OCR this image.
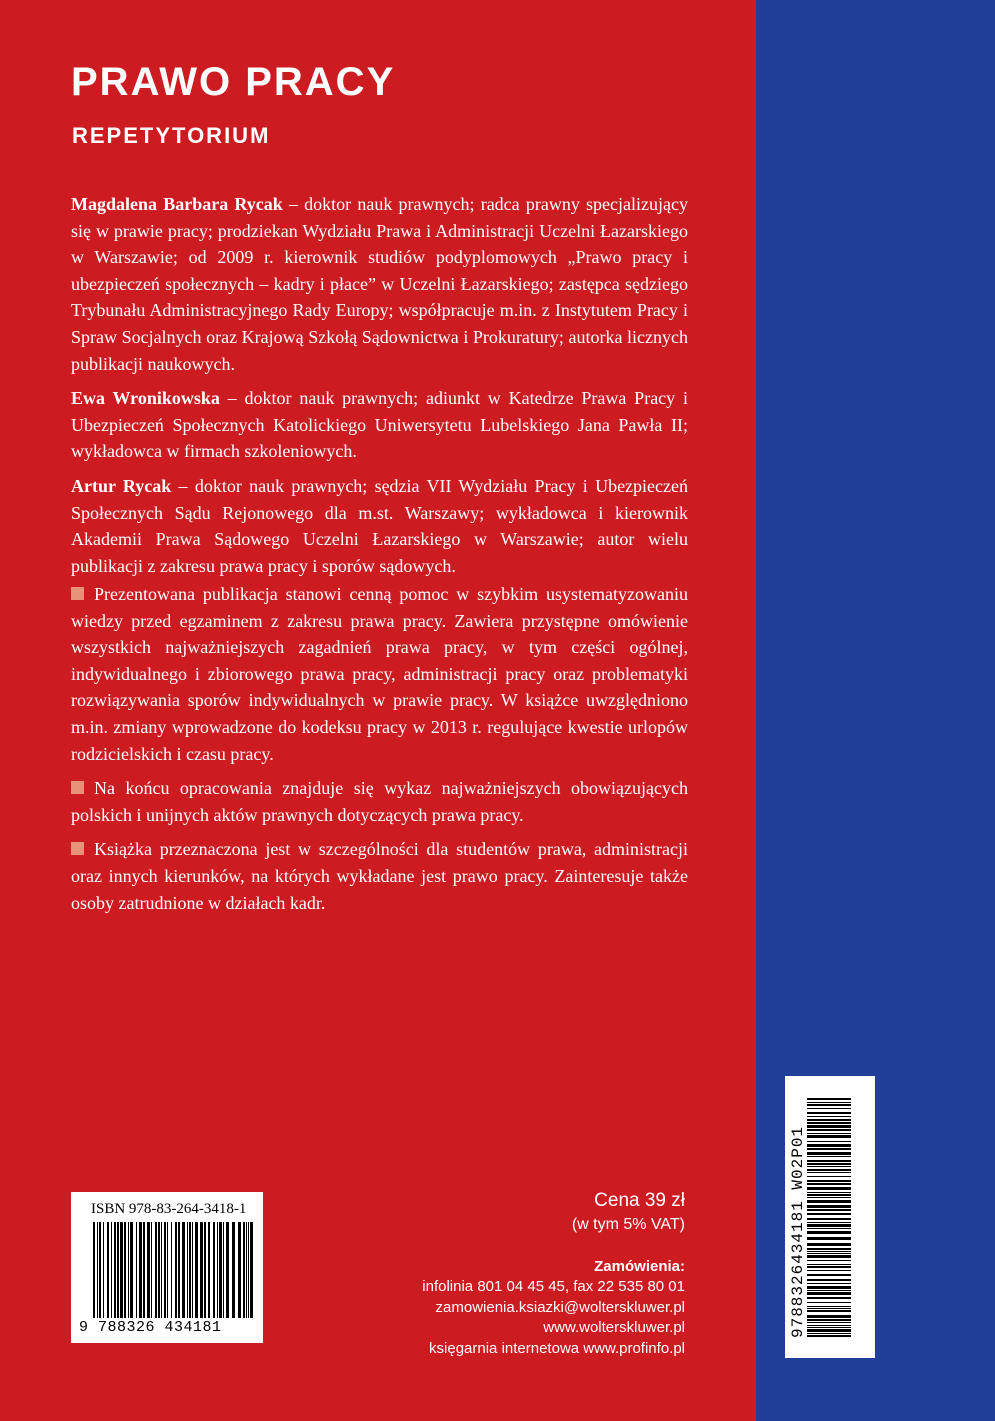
PRAWO PRACY
REPETYTORIUM

Magdalena Barbara Rycak – doktor nauk prawnych; radca prawny specjalizujący się w prawie pracy; prodziekan Wydziału Prawa i Administracji Uczelni Łazarskiego w Warszawie; od 2009 r. kierownik studiów podyplomowych „Prawo pracy i ubezpieczeń społecznych – kadry i płace” w Uczelni Łazarskiego; zastępca sędziego Trybunału Administracyjnego Rady Europy; współpracuje m.in. z Instytutem Pracy i Spraw Socjalnych oraz Krajową Szkołą Sądownictwa i Prokuratury; autorka licznych publikacji naukowych.

Ewa Wronikowska – doktor nauk prawnych; adiunkt w Katedrze Prawa Pracy i Ubezpieczeń Społecznych Katolickiego Uniwersytetu Lubelskiego Jana Pawła II; wykładowca w firmach szkoleniowych.

Artur Rycak – doktor nauk prawnych; sędzia VII Wydziału Pracy i Ubezpieczeń Społecznych Sądu Rejonowego dla m.st. Warszawy; wykładowca i kierownik Akademii Prawa Sądowego Uczelni Łazarskiego w Warszawie; autor wielu publikacji z zakresu prawa pracy i sporów sądowych.

Prezentowana publikacja stanowi cenną pomoc w szybkim usystematyzowaniu wiedzy przed egzaminem z zakresu prawa pracy. Zawiera przystępne omówienie wszystkich najważniejszych zagadnień prawa pracy, w tym części ogólnej, indywidualnego i zbiorowego prawa pracy, administracji pracy oraz problematyki rozwiązywania sporów indywidualnych w prawie pracy. W książce uwzględniono m.in. zmiany wprowadzone do kodeksu pracy w 2013 r. regulujące kwestie urlopów rodzicielskich i czasu pracy.

Na końcu opracowania znajduje się wykaz najważniejszych obowiązujących polskich i unijnych aktów prawnych dotyczących prawa pracy.

Książka przeznaczona jest w szczególności dla studentów prawa, administracji oraz innych kierunków, na których wykładane jest prawo pracy. Zainteresuje także osoby zatrudnione w działach kadr.

ISBN 978-83-264-3418-1
9 788326 434181	9788326434181 W02P01
Cena 39 zł
(w tym 5% VAT)
Zamówienia:
infolinia 801 04 45 45, fax 22 535 80 01
zamowienia.ksiazki@wolterskluwer.pl
www.wolterskluwer.pl
księgarnia internetowa www.profinfo.pl
